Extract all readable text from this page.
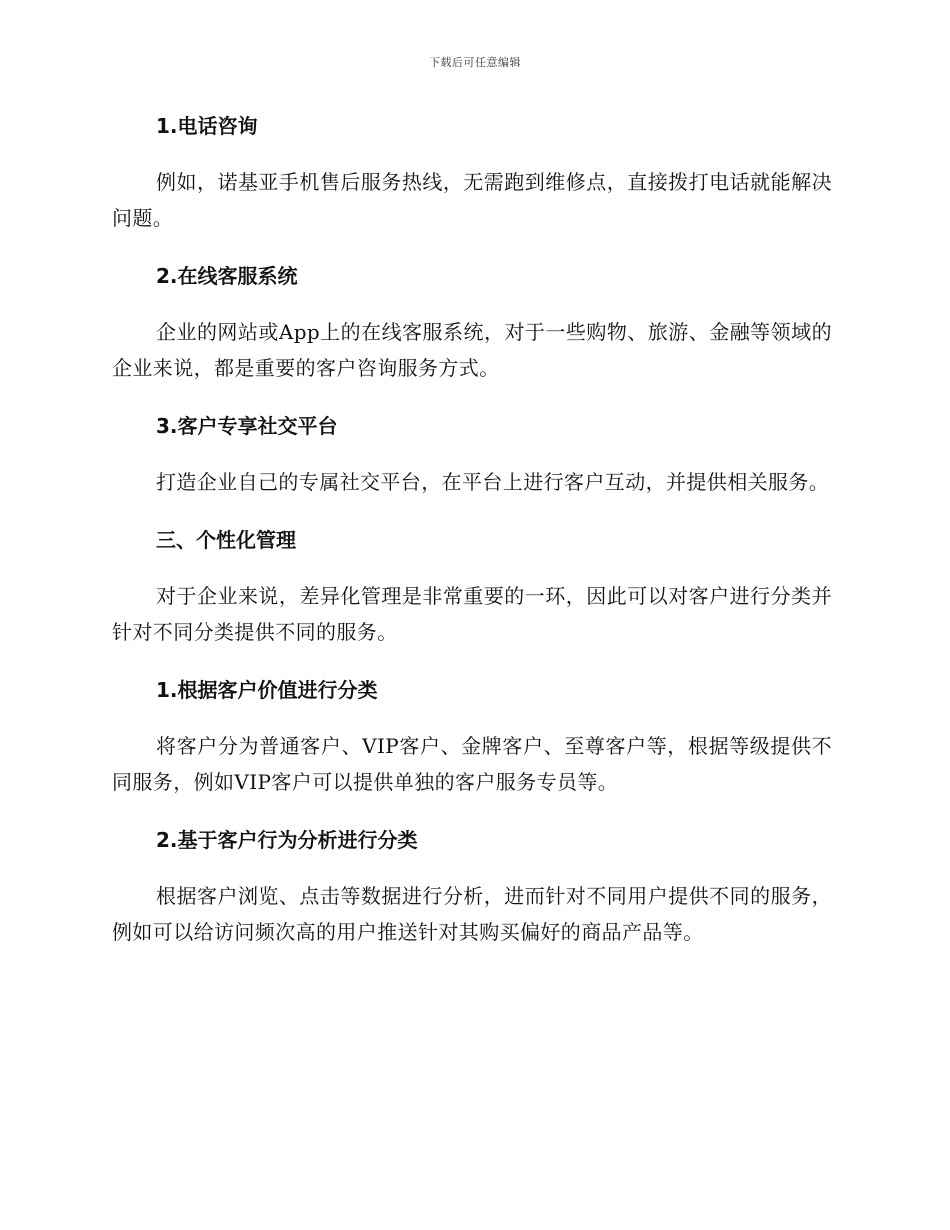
下载后可任意编辑
1.电话咨询
例如，诺基亚手机售后服务热线，无需跑到维修点，直接拨打电话就能解决问题。
2.在线客服系统
企业的网站或App上的在线客服系统，对于一些购物、旅游、金融等领域的企业来说，都是重要的客户咨询服务方式。
3.客户专享社交平台
打造企业自己的专属社交平台，在平台上进行客户互动，并提供相关服务。
三、个性化管理
对于企业来说，差异化管理是非常重要的一环，因此可以对客户进行分类并针对不同分类提供不同的服务。
1.根据客户价值进行分类
将客户分为普通客户、VIP客户、金牌客户、至尊客户等，根据等级提供不同服务，例如VIP客户可以提供单独的客户服务专员等。
2.基于客户行为分析进行分类
根据客户浏览、点击等数据进行分析，进而针对不同用户提供不同的服务，例如可以给访问频次高的用户推送针对其购买偏好的商品产品等。
